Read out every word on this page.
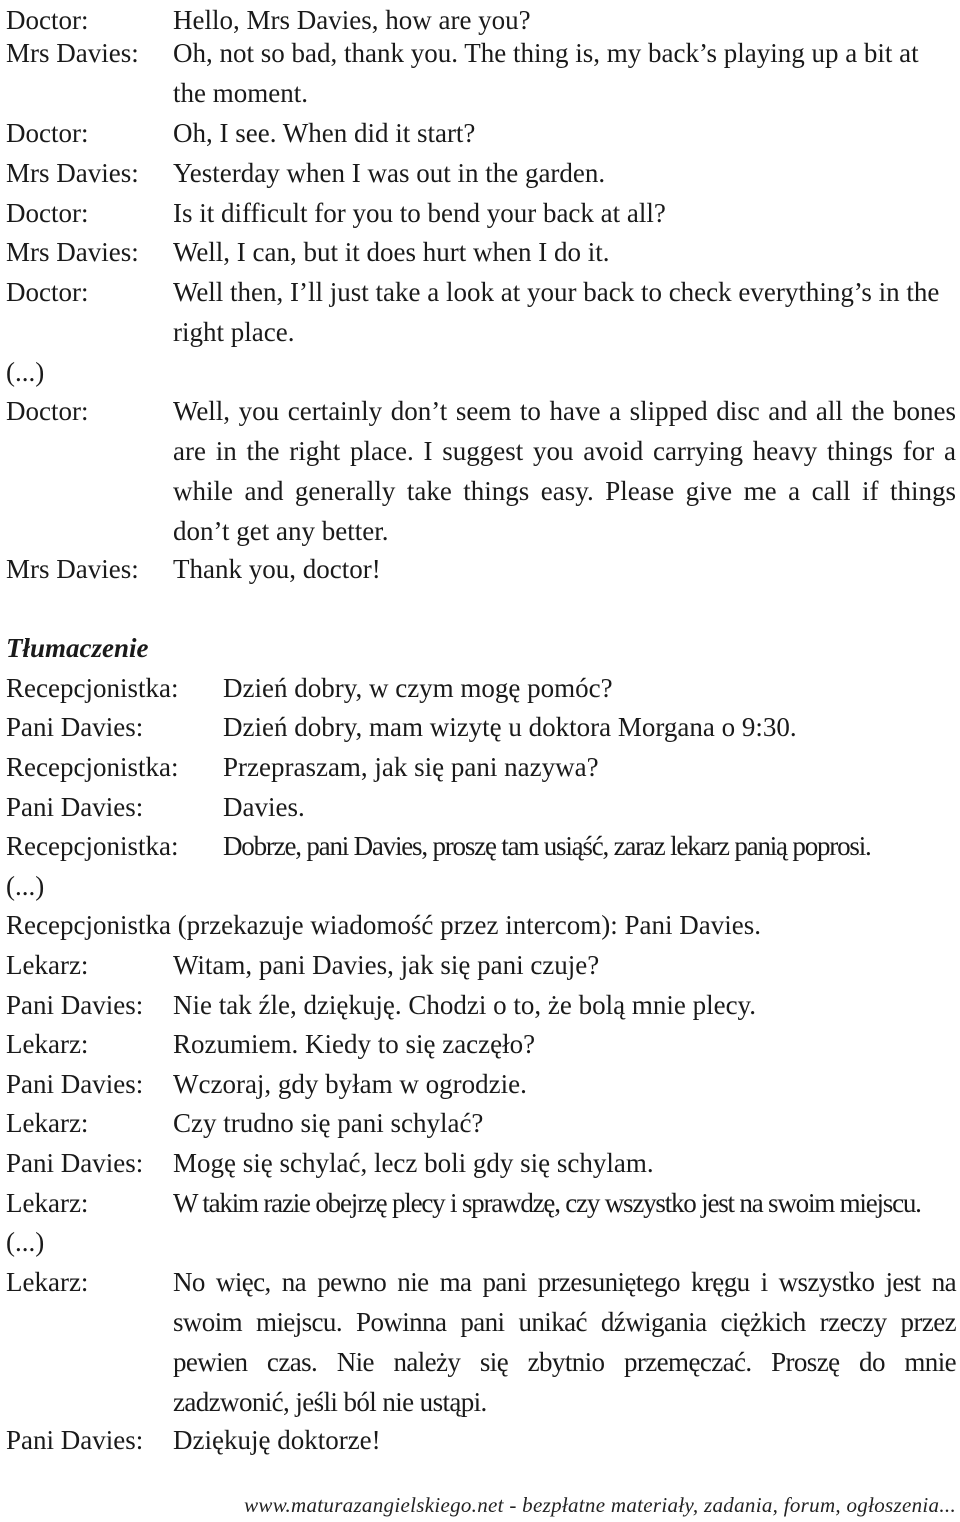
Doctor:	Hello, Mrs Davies, how are you?
Mrs Davies: Oh, not so bad, thank you. The thing is, my back’s playing up a bit at the moment.
Doctor:	Oh, I see. When did it start?
Mrs Davies: Yesterday when I was out in the garden.
Doctor:	Is it difficult for you to bend your back at all?
Mrs Davies: Well, I can, but it does hurt when I do it.
Doctor:	Well then, I’ll just take a look at your back to check everything’s in the right place.
(...)
Doctor:	Well, you certainly don’t seem to have a slipped disc and all the bones are in the right place. I suggest you avoid carrying heavy things for a while and generally take things easy. Please give me a call if things don’t get any better.
Mrs Davies: Thank you, doctor!
Tłumaczenie
Recepcjonistka: Dzień dobry, w czym mogę pomóc?
Pani Davies:	Dzień dobry, mam wizytę u doktora Morgana o 9:30.
Recepcjonistka: Przepraszam, jak się pani nazywa?
Pani Davies:	Davies.
Recepcjonistka: Dobrze, pani Davies, proszę tam usiąść, zaraz lekarz panią poprosi.
(...)
Recepcjonistka (przekazuje wiadomość przez intercom): Pani Davies.
Lekarz:	Witam, pani Davies, jak się pani czuje?
Pani Davies: Nie tak źle, dziękuję. Chodzi o to, że bolą mnie plecy.
Lekarz:	Rozumiem. Kiedy to się zaczęło?
Pani Davies: Wczoraj, gdy byłam w ogrodzie.
Lekarz:	Czy trudno się pani schylać?
Pani Davies: Mogę się schylać, lecz boli gdy się schylam.
Lekarz:	W takim razie obejrzę plecy i sprawdzę, czy wszystko jest na swoim miejscu.
(...)
Lekarz:	No więc, na pewno nie ma pani przesuniętego kręgu i wszystko jest na swoim miejscu. Powinna pani unikać dźwigania ciężkich rzeczy przez pewien czas. Nie należy się zbytnio przemęczać. Proszę do mnie zadzwonić, jeśli ból nie ustąpi.
Pani Davies: Dziękuję doktorze!
www.maturazangielskiego.net - bezpłatne materiały, zadania, forum, ogłoszenia...
